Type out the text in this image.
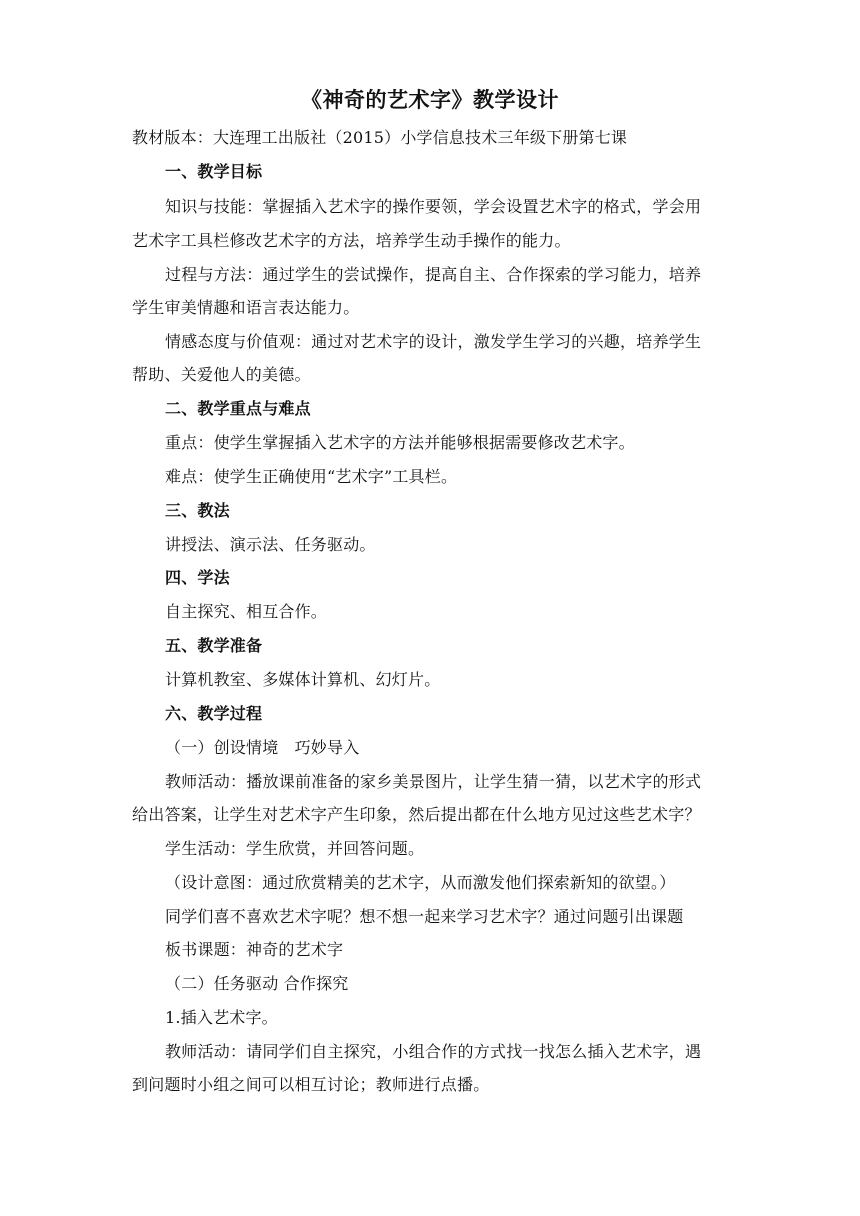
《神奇的艺术字》教学设计
教材版本：大连理工出版社（2015）小学信息技术三年级下册第七课
一、教学目标
知识与技能：掌握插入艺术字的操作要领，学会设置艺术字的格式，学会用
艺术字工具栏修改艺术字的方法，培养学生动手操作的能力。
过程与方法：通过学生的尝试操作，提高自主、合作探索的学习能力，培养
学生审美情趣和语言表达能力。
情感态度与价值观：通过对艺术字的设计，激发学生学习的兴趣，培养学生
帮助、关爱他人的美德。
二、教学重点与难点
重点：使学生掌握插入艺术字的方法并能够根据需要修改艺术字。
难点：使学生正确使用“艺术字”工具栏。
三、教法
讲授法、演示法、任务驱动。
四、学法
自主探究、相互合作。
五、教学准备
计算机教室、多媒体计算机、幻灯片。
六、教学过程
（一）创设情境　巧妙导入
教师活动：播放课前准备的家乡美景图片，让学生猜一猜，以艺术字的形式
给出答案，让学生对艺术字产生印象，然后提出都在什么地方见过这些艺术字？
学生活动：学生欣赏，并回答问题。
（设计意图：通过欣赏精美的艺术字，从而激发他们探索新知的欲望。）
同学们喜不喜欢艺术字呢？想不想一起来学习艺术字？通过问题引出课题
板书课题：神奇的艺术字
（二）任务驱动 合作探究
1.插入艺术字。
教师活动：请同学们自主探究，小组合作的方式找一找怎么插入艺术字，遇
到问题时小组之间可以相互讨论；教师进行点播。
